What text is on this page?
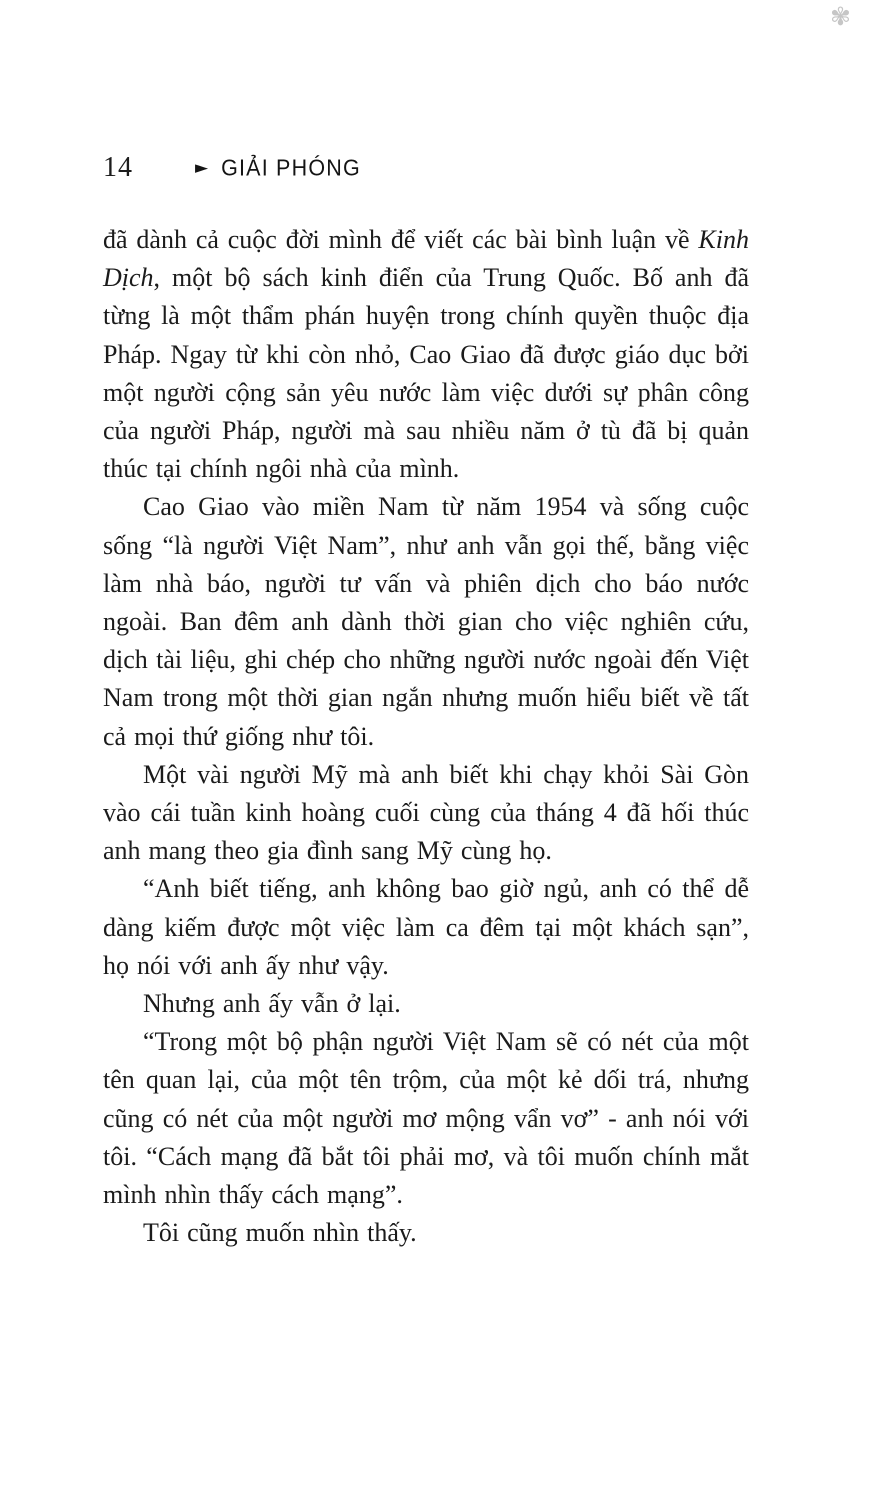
✾
14	► GIẢI PHÓNG

đã dành cả cuộc đời mình để viết các bài bình luận về Kinh Dịch, một bộ sách kinh điển của Trung Quốc. Bố anh đã từng là một thẩm phán huyện trong chính quyền thuộc địa Pháp. Ngay từ khi còn nhỏ, Cao Giao đã được giáo dục bởi một người cộng sản yêu nước làm việc dưới sự phân công của người Pháp, người mà sau nhiều năm ở tù đã bị quản thúc tại chính ngôi nhà của mình.

Cao Giao vào miền Nam từ năm 1954 và sống cuộc sống “là người Việt Nam”, như anh vẫn gọi thế, bằng việc làm nhà báo, người tư vấn và phiên dịch cho báo nước ngoài. Ban đêm anh dành thời gian cho việc nghiên cứu, dịch tài liệu, ghi chép cho những người nước ngoài đến Việt Nam trong một thời gian ngắn nhưng muốn hiểu biết về tất cả mọi thứ giống như tôi.

Một vài người Mỹ mà anh biết khi chạy khỏi Sài Gòn vào cái tuần kinh hoàng cuối cùng của tháng 4 đã hối thúc anh mang theo gia đình sang Mỹ cùng họ.

“Anh biết tiếng, anh không bao giờ ngủ, anh có thể dễ dàng kiếm được một việc làm ca đêm tại một khách sạn”, họ nói với anh ấy như vậy.

Nhưng anh ấy vẫn ở lại.

“Trong một bộ phận người Việt Nam sẽ có nét của một tên quan lại, của một tên trộm, của một kẻ dối trá, nhưng cũng có nét của một người mơ mộng vẩn vơ” - anh nói với tôi. “Cách mạng đã bắt tôi phải mơ, và tôi muốn chính mắt mình nhìn thấy cách mạng”.

Tôi cũng muốn nhìn thấy.
